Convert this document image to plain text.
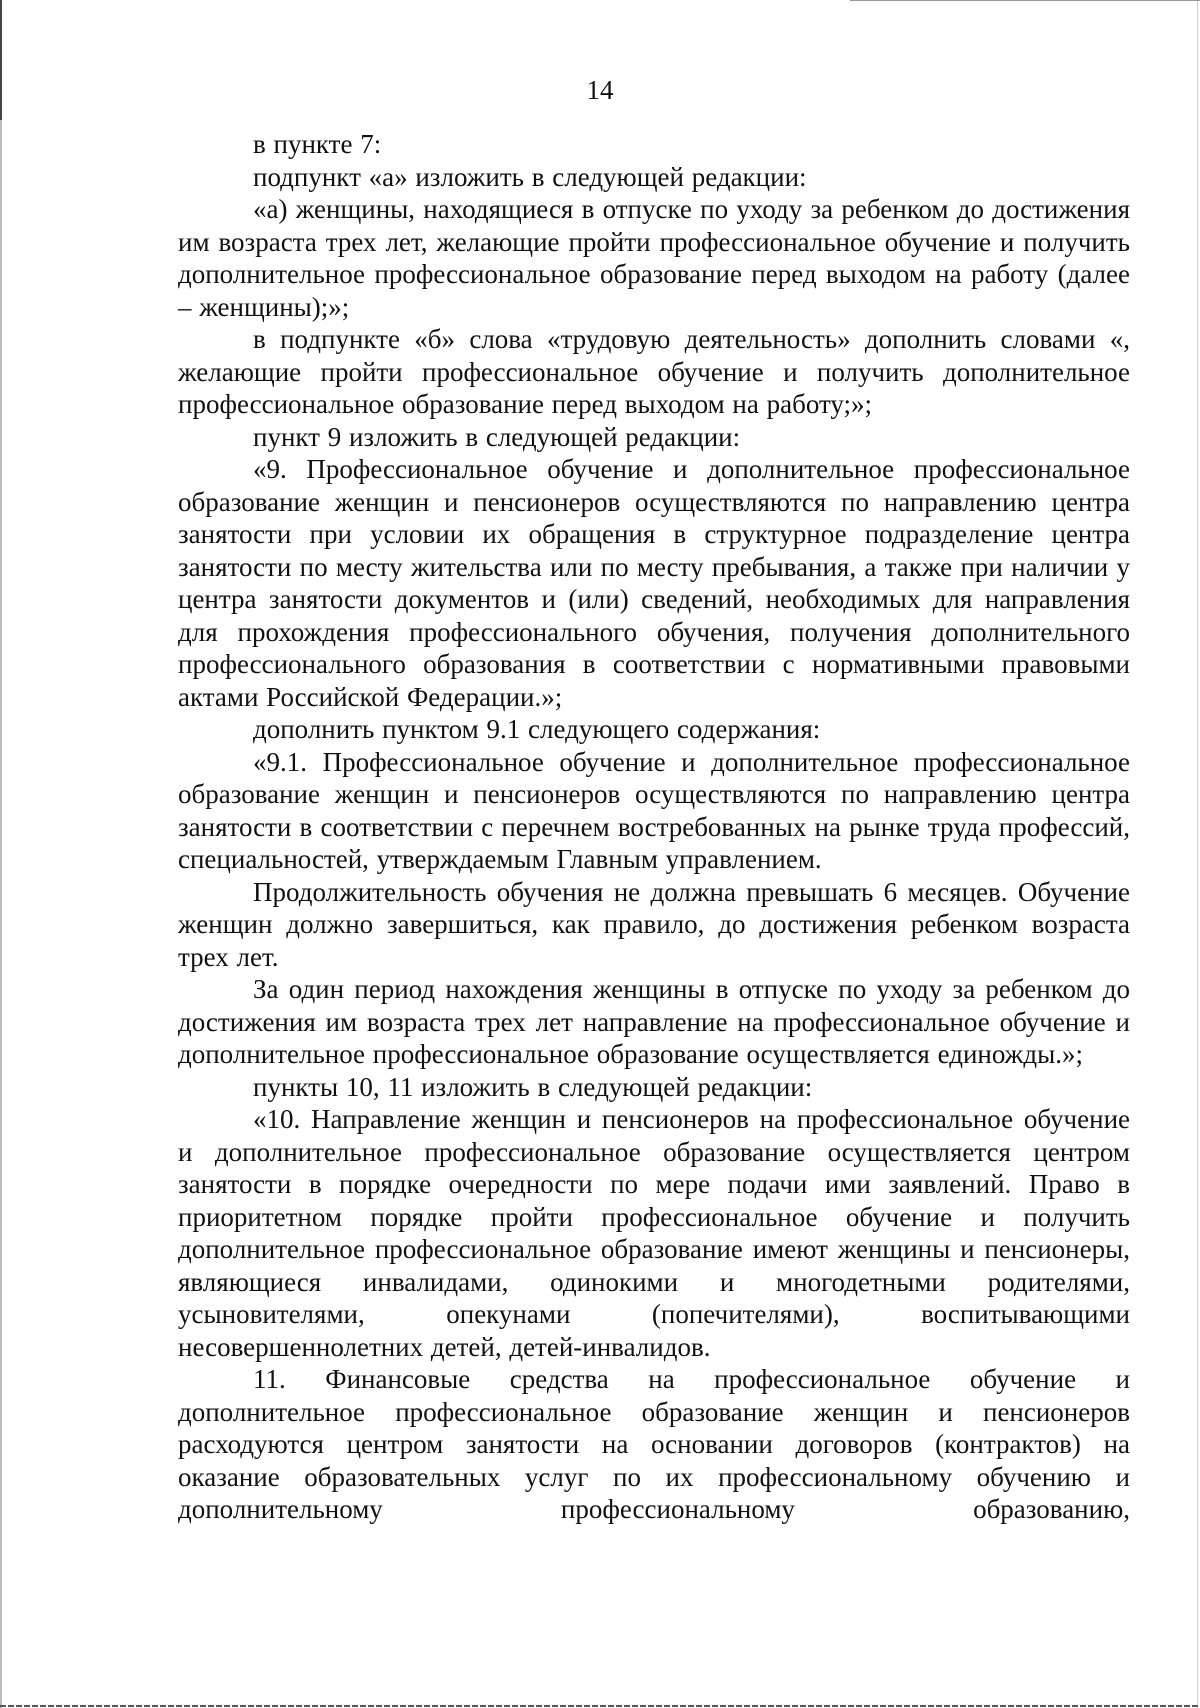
14

в пункте 7:

подпункт «а» изложить в следующей редакции:

«а) женщины, находящиеся в отпуске по уходу за ребенком до достижения им возраста трех лет, желающие пройти профессиональное обучение и получить дополнительное профессиональное образование перед выходом на работу (далее – женщины);»;

в подпункте «б» слова «трудовую деятельность» дополнить словами «, желающие пройти профессиональное обучение и получить дополнительное профессиональное образование перед выходом на работу;»;

пункт 9 изложить в следующей редакции:

«9. Профессиональное обучение и дополнительное профессиональное образование женщин и пенсионеров осуществляются по направлению центра занятости при условии их обращения в структурное подразделение центра занятости по месту жительства или по месту пребывания, а также при наличии у центра занятости документов и (или) сведений, необходимых для направления для прохождения профессионального обучения, получения дополнительного профессионального образования в соответствии с нормативными правовыми актами Российской Федерации.»;

дополнить пунктом 9.1 следующего содержания:

«9.1. Профессиональное обучение и дополнительное профессиональное образование женщин и пенсионеров осуществляются по направлению центра занятости в соответствии с перечнем востребованных на рынке труда профессий, специальностей, утверждаемым Главным управлением.

Продолжительность обучения не должна превышать 6 месяцев. Обучение женщин должно завершиться, как правило, до достижения ребенком возраста трех лет.

За один период нахождения женщины в отпуске по уходу за ребенком до достижения им возраста трех лет направление на профессиональное обучение и дополнительное профессиональное образование осуществляется единожды.»;

пункты 10, 11 изложить в следующей редакции:

«10. Направление женщин и пенсионеров на профессиональное обучение и дополнительное профессиональное образование осуществляется центром занятости в порядке очередности по мере подачи ими заявлений. Право в приоритетном порядке пройти профессиональное обучение и получить дополнительное профессиональное образование имеют женщины и пенсионеры, являющиеся инвалидами, одинокими и многодетными родителями, усыновителями, опекунами (попечителями), воспитывающими несовершеннолетних детей, детей-инвалидов.

11. Финансовые средства на профессиональное обучение и дополнительное профессиональное образование женщин и пенсионеров расходуются центром занятости на основании договоров (контрактов) на оказание образовательных услуг по их профессиональному обучению и дополнительному профессиональному образованию,
